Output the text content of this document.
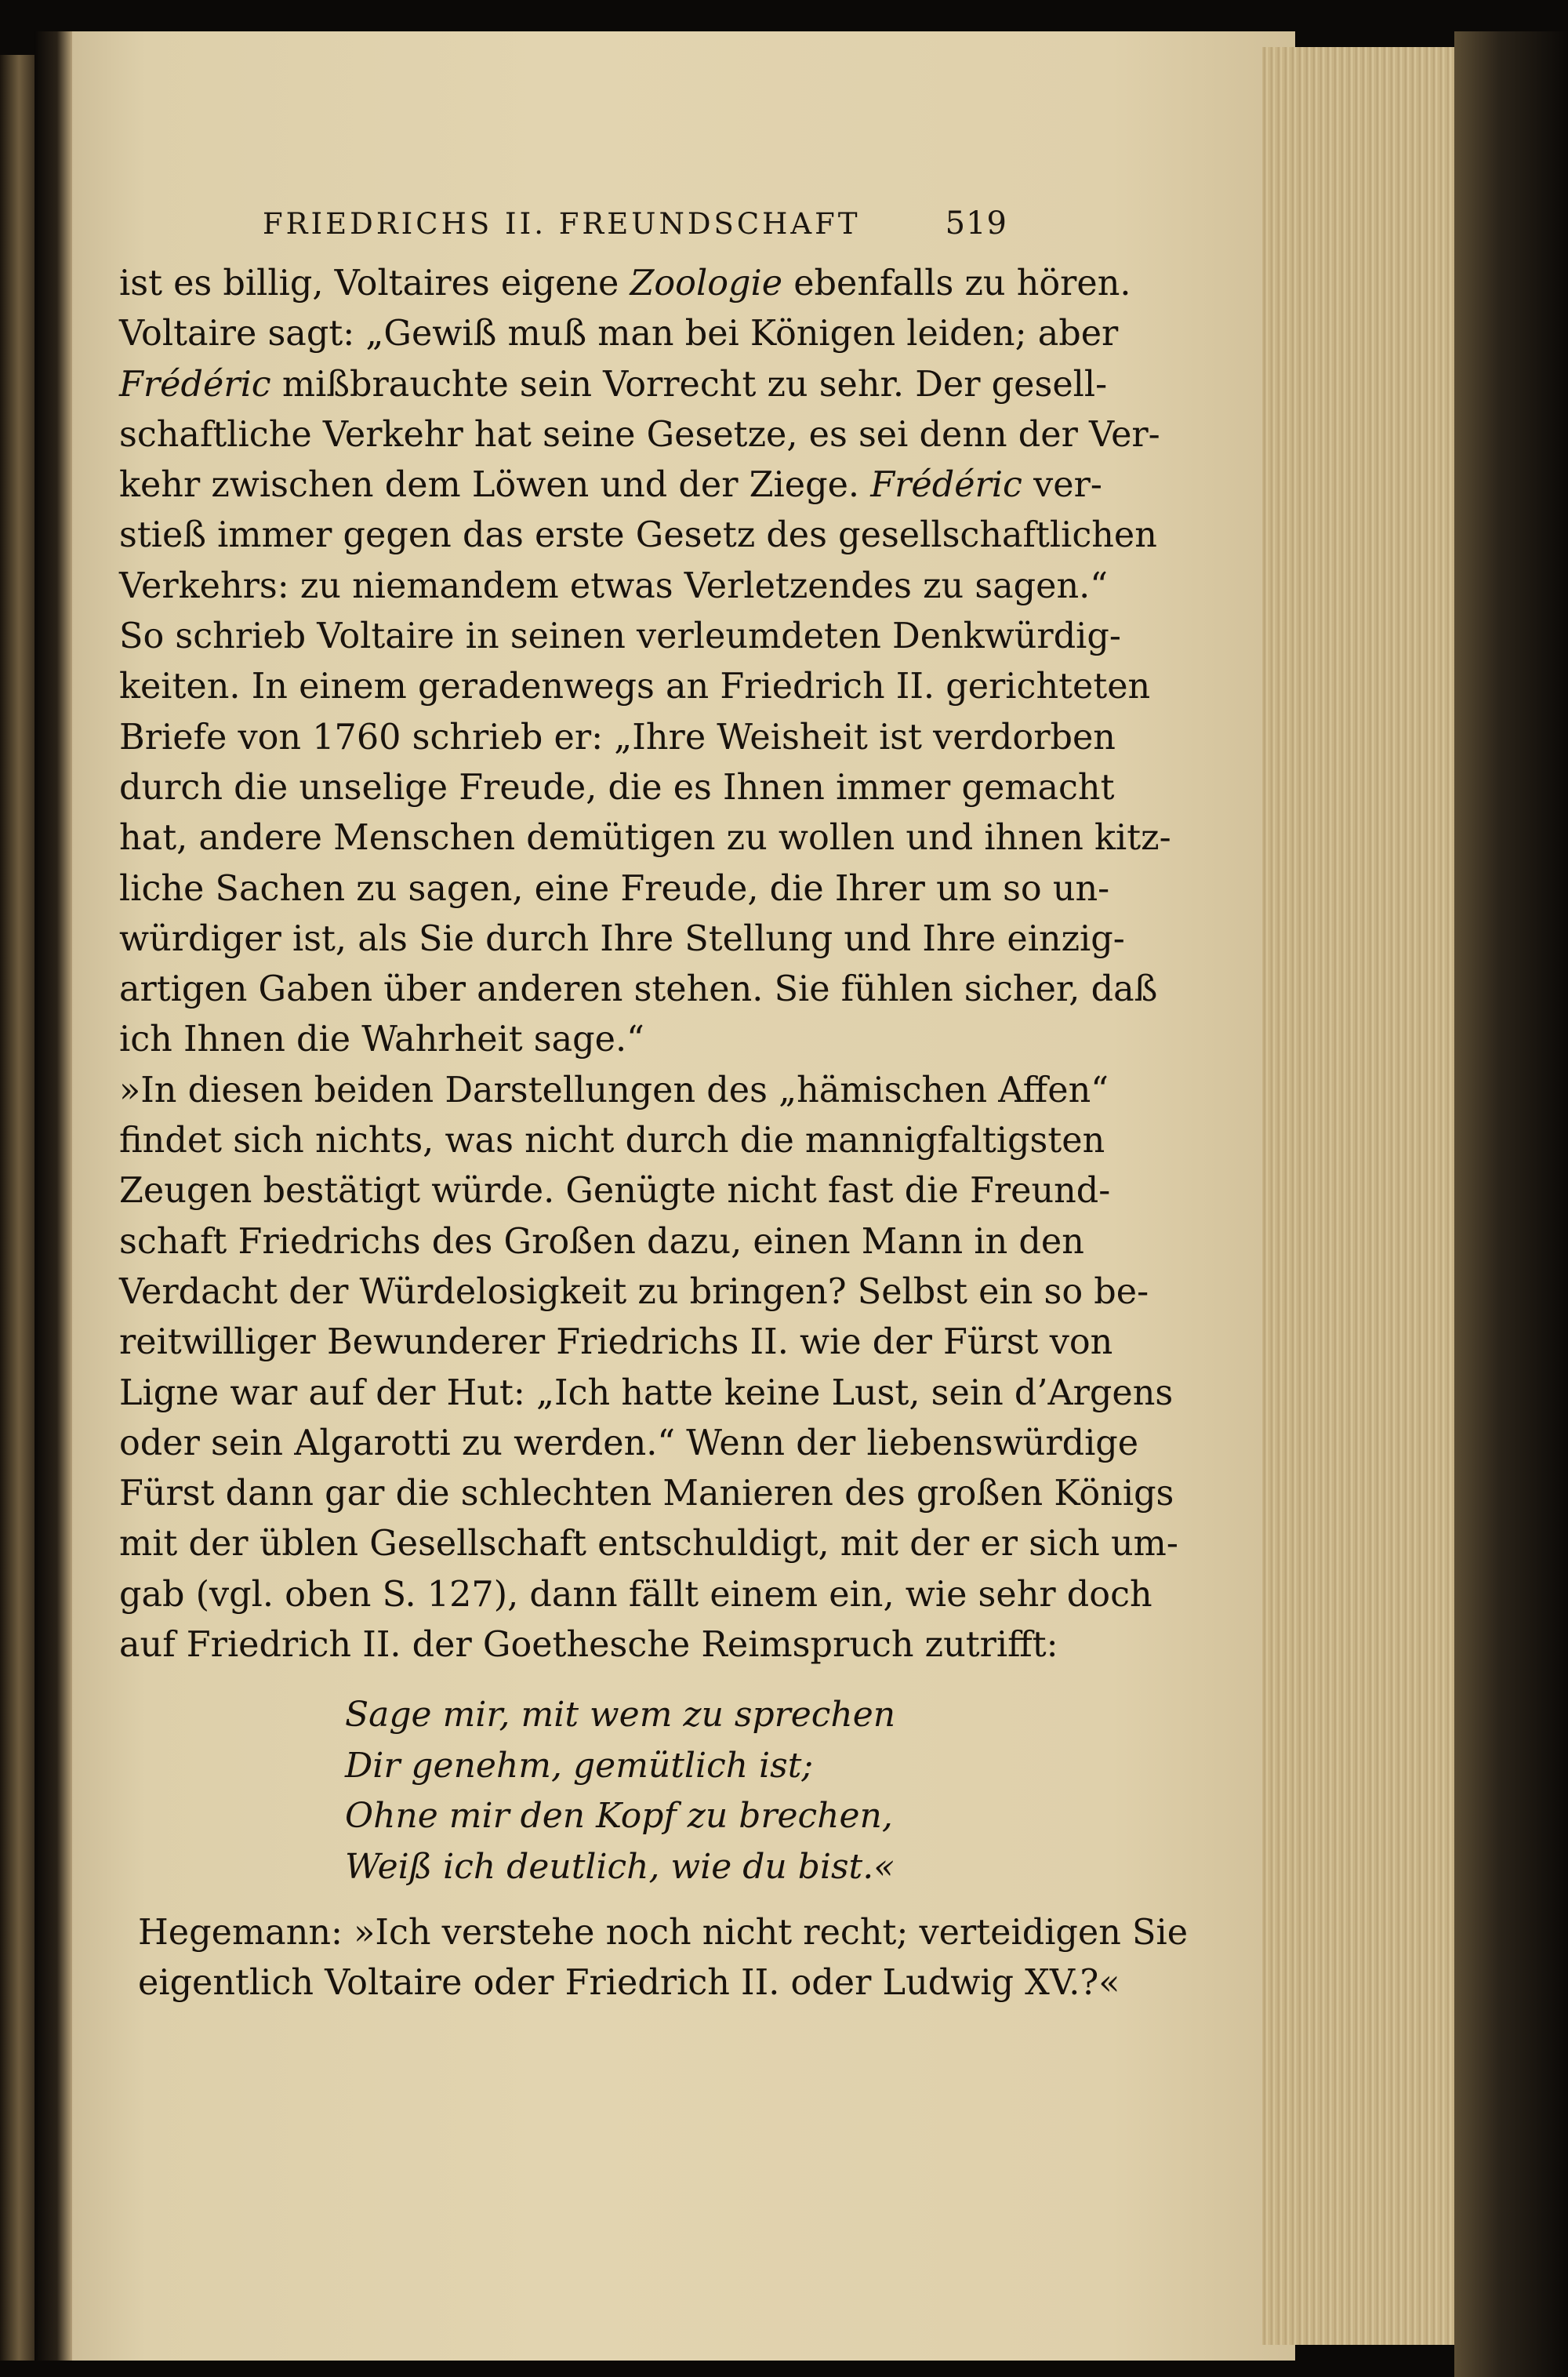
FRIEDRICHS II. FREUNDSCHAFT	519
ist es billig, Voltaires eigene Zoologie ebenfalls zu hören.
Voltaire sagt: „Gewiß muß man bei Königen leiden; aber
Frédéric mißbrauchte sein Vorrecht zu sehr. Der gesell-
schaftliche Verkehr hat seine Gesetze, es sei denn der Ver-
kehr zwischen dem Löwen und der Ziege. Frédéric ver-
stieß immer gegen das erste Gesetz des gesellschaftlichen
Verkehrs: zu niemandem etwas Verletzendes zu sagen.“
So schrieb Voltaire in seinen verleumdeten Denkwürdig-
keiten. In einem geradenwegs an Friedrich II. gerichteten
Briefe von 1760 schrieb er: „Ihre Weisheit ist verdorben
durch die unselige Freude, die es Ihnen immer gemacht
hat, andere Menschen demütigen zu wollen und ihnen kitz-
liche Sachen zu sagen, eine Freude, die Ihrer um so un-
würdiger ist, als Sie durch Ihre Stellung und Ihre einzig-
artigen Gaben über anderen stehen. Sie fühlen sicher, daß
ich Ihnen die Wahrheit sage.“
»In diesen beiden Darstellungen des „hämischen Affen“
findet sich nichts, was nicht durch die mannigfaltigsten
Zeugen bestätigt würde. Genügte nicht fast die Freund-
schaft Friedrichs des Großen dazu, einen Mann in den
Verdacht der Würdelosigkeit zu bringen? Selbst ein so be-
reitwilliger Bewunderer Friedrichs II. wie der Fürst von
Ligne war auf der Hut: „Ich hatte keine Lust, sein d’Argens
oder sein Algarotti zu werden.“ Wenn der liebenswürdige
Fürst dann gar die schlechten Manieren des großen Königs
mit der üblen Gesellschaft entschuldigt, mit der er sich um-
gab (vgl. oben S. 127), dann fällt einem ein, wie sehr doch
auf Friedrich II. der Goethesche Reimspruch zutrifft:
Sage mir, mit wem zu sprechen
Dir genehm, gemütlich ist;
Ohne mir den Kopf zu brechen,
Weiß ich deutlich, wie du bist.«
Hegemann: »Ich verstehe noch nicht recht; verteidigen Sie
eigentlich Voltaire oder Friedrich II. oder Ludwig XV.?«
